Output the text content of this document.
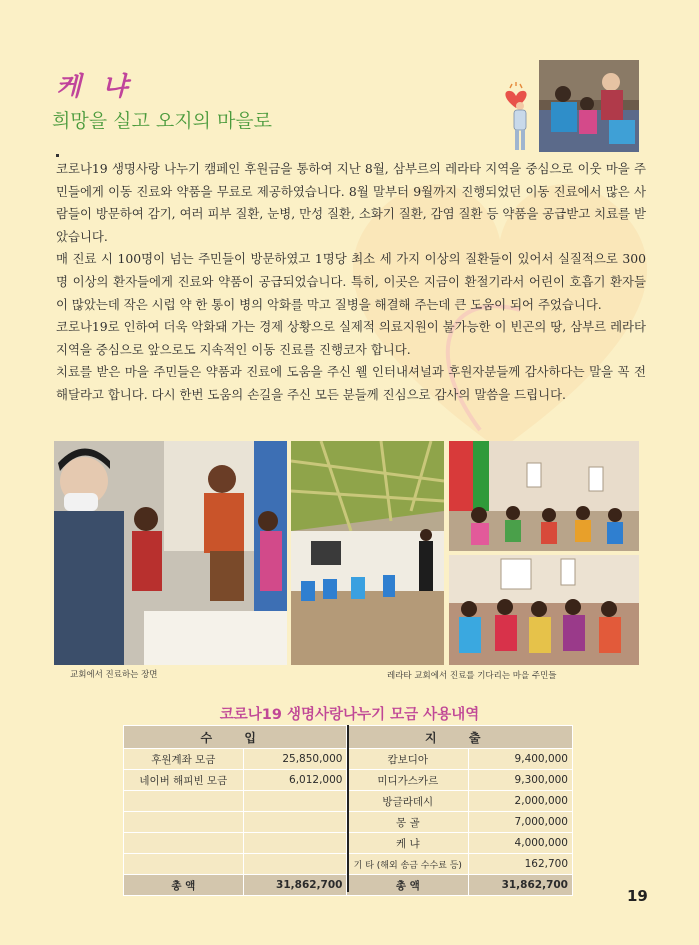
케 냐
희망을 실고 오지의 마을로

코로나19 생명사랑 나누기 캠페인 후원금을 통하여 지난 8월, 삼부르의 레라타 지역을 중심으로 이웃 마을 주민들에게 이동 진료와 약품을 무료로 제공하였습니다. 8월 말부터 9월까지 진행되었던 이동 진료에서 많은 사람들이 방문하여 감기, 여러 피부 질환, 눈병, 만성 질환, 소화기 질환, 감염 질환 등 약품을 공급받고 치료를 받았습니다.

매 진료 시 100명이 넘는 주민들이 방문하였고 1명당 최소 세 가지 이상의 질환들이 있어서 실질적으로 300명 이상의 환자들에게 진료와 약품이 공급되었습니다. 특히, 이곳은 지금이 환절기라서 어린이 호흡기 환자들이 많았는데 작은 시럽 약 한 통이 병의 악화를 막고 질병을 해결해 주는데 큰 도움이 되어 주었습니다.

코로나19로 인하여 더욱 악화돼 가는 경제 상황으로 실제적 의료지원이 불가능한 이 빈곤의 땅, 삼부르 레라타 지역을 중심으로 앞으로도 지속적인 이동 진료를 진행코자 합니다.

치료를 받은 마을 주민들은 약품과 진료에 도움을 주신 웰 인터내셔널과 후원자분들께 감사하다는 말을 꼭 전해달라고 합니다. 다시 한번 도움의 손길을 주신 모든 분들께 진심으로 감사의 말씀을 드립니다.

교회에서 진료하는 장면	레라타 교회에서 진료를 기다리는 마을 주민들
코로나19 생명사랑나누기 모금 사용내역
수 입		지 출	
후원계좌 모금	25,850,000	캄보디아	9,400,000
네이버 해피빈 모금	6,012,000	미디가스카르	9,300,000
		방글라데시	2,000,000
		몽 골	7,000,000
		케 냐	4,000,000
		기 타 (해외 송금 수수료 등)	162,700
총 액	31,862,700	총 액	31,862,700
19
